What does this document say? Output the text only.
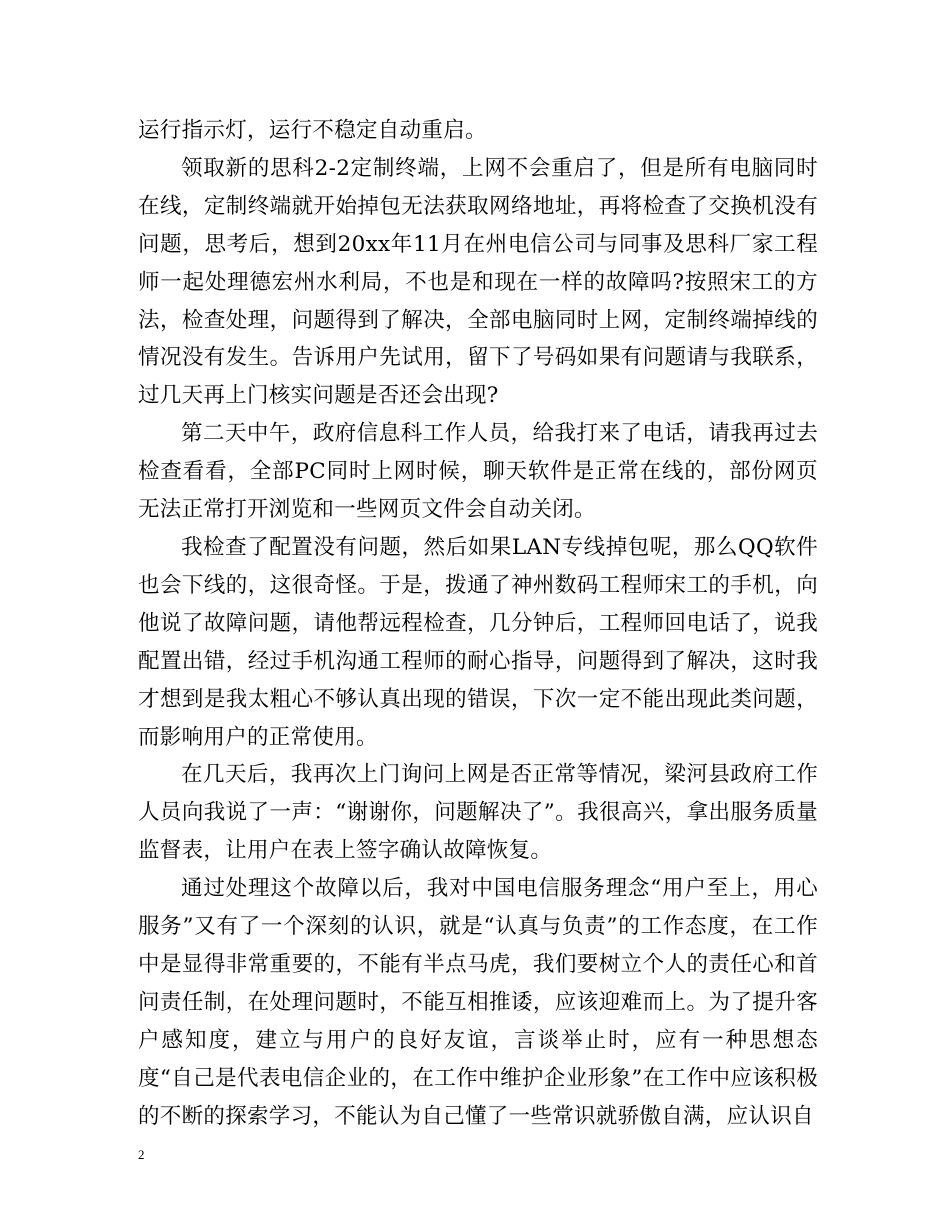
运行指示灯，运行不稳定自动重启。

领取新的思科2-2定制终端，上网不会重启了，但是所有电脑同时在线，定制终端就开始掉包无法获取网络地址，再将检查了交换机没有问题，思考后，想到20xx年11月在州电信公司与同事及思科厂家工程师一起处理德宏州水利局，不也是和现在一样的故障吗?按照宋工的方法，检查处理，问题得到了解决，全部电脑同时上网，定制终端掉线的情况没有发生。告诉用户先试用，留下了号码如果有问题请与我联系，过几天再上门核实问题是否还会出现?

第二天中午，政府信息科工作人员，给我打来了电话，请我再过去检查看看，全部PC同时上网时候，聊天软件是正常在线的，部份网页无法正常打开浏览和一些网页文件会自动关闭。

我检查了配置没有问题，然后如果LAN专线掉包呢，那么QQ软件也会下线的，这很奇怪。于是，拨通了神州数码工程师宋工的手机，向他说了故障问题，请他帮远程检查，几分钟后，工程师回电话了，说我配置出错，经过手机沟通工程师的耐心指导，问题得到了解决，这时我才想到是我太粗心不够认真出现的错误，下次一定不能出现此类问题，而影响用户的正常使用。

在几天后，我再次上门询问上网是否正常等情况，梁河县政府工作人员向我说了一声：“谢谢你，问题解决了”。我很高兴，拿出服务质量监督表，让用户在表上签字确认故障恢复。

通过处理这个故障以后，我对中国电信服务理念“用户至上，用心服务”又有了一个深刻的认识，就是“认真与负责”的工作态度，在工作中是显得非常重要的，不能有半点马虎，我们要树立个人的责任心和首问责任制，在处理问题时，不能互相推诿，应该迎难而上。为了提升客户感知度，建立与用户的良好友谊，言谈举止时，应有一种思想态度“自己是代表电信企业的，在工作中维护企业形象”在工作中应该积极的不断的探索学习，不能认为自己懂了一些常识就骄傲自满，应认识自

2
